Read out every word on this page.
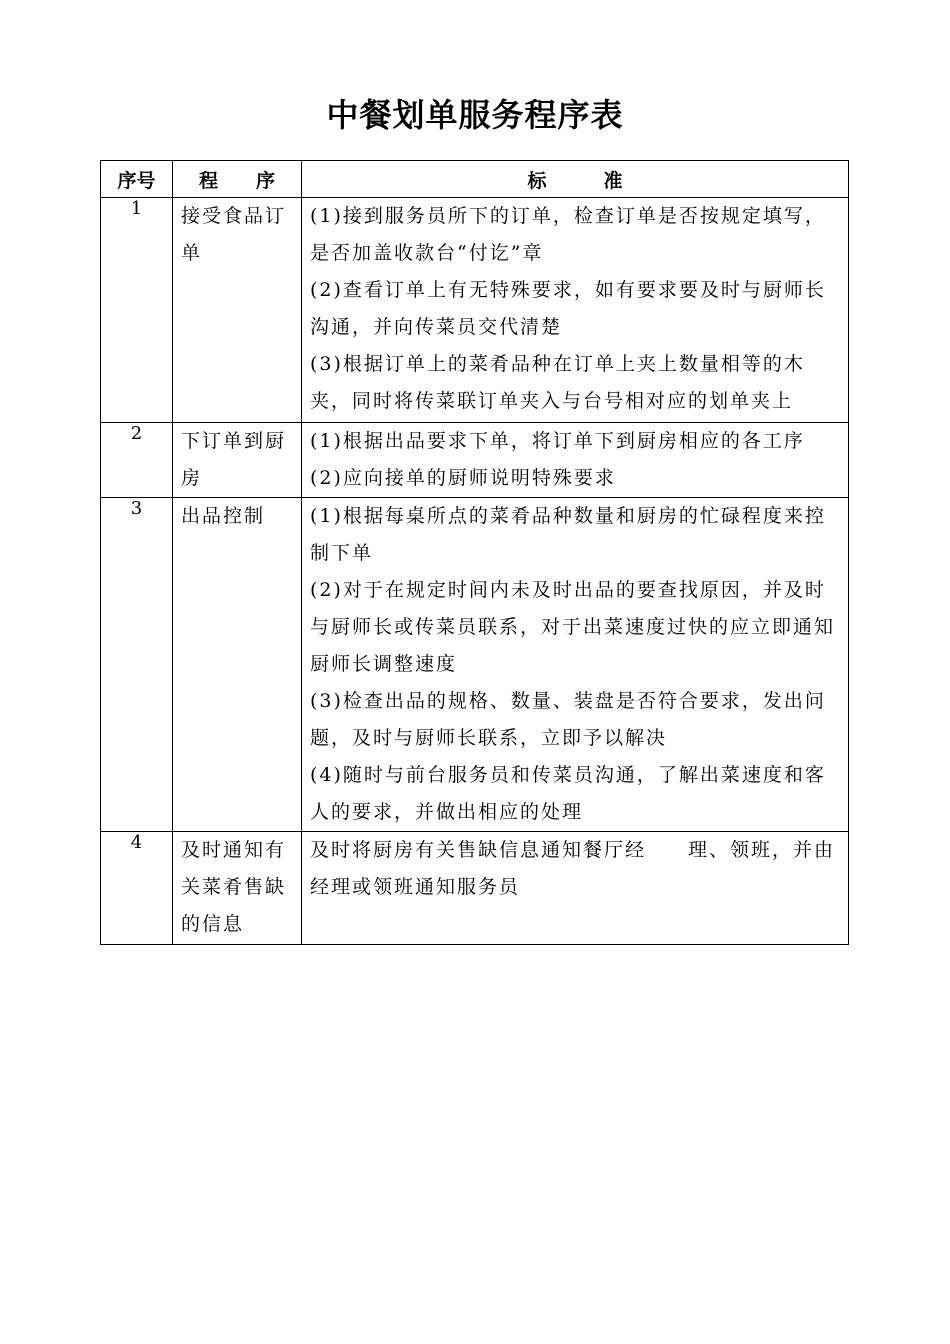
中餐划单服务程序表
序号	程　　序	标　　　准
1	接受食品订单	(1)接到服务员所下的订单，检查订单是否按规定填写，是否加盖收款台“付讫”章
(2)查看订单上有无特殊要求，如有要求要及时与厨师长沟通，并向传菜员交代清楚
(3)根据订单上的菜肴品种在订单上夹上数量相等的木夹，同时将传菜联订单夹入与台号相对应的划单夹上

2	下订单到厨房	(1)根据出品要求下单，将订单下到厨房相应的各工序
(2)应向接单的厨师说明特殊要求

3	出品控制	(1)根据每桌所点的菜肴品种数量和厨房的忙碌程度来控制下单
(2)对于在规定时间内未及时出品的要查找原因，并及时与厨师长或传菜员联系，对于出菜速度过快的应立即通知厨师长调整速度
(3)检查出品的规格、数量、装盘是否符合要求，发出问题，及时与厨师长联系，立即予以解决
(4)随时与前台服务员和传菜员沟通，了解出菜速度和客人的要求，并做出相应的处理

4	及时通知有关菜肴售缺的信息	及时将厨房有关售缺信息通知餐厅经　　理、领班，并由经理或领班通知服务员
